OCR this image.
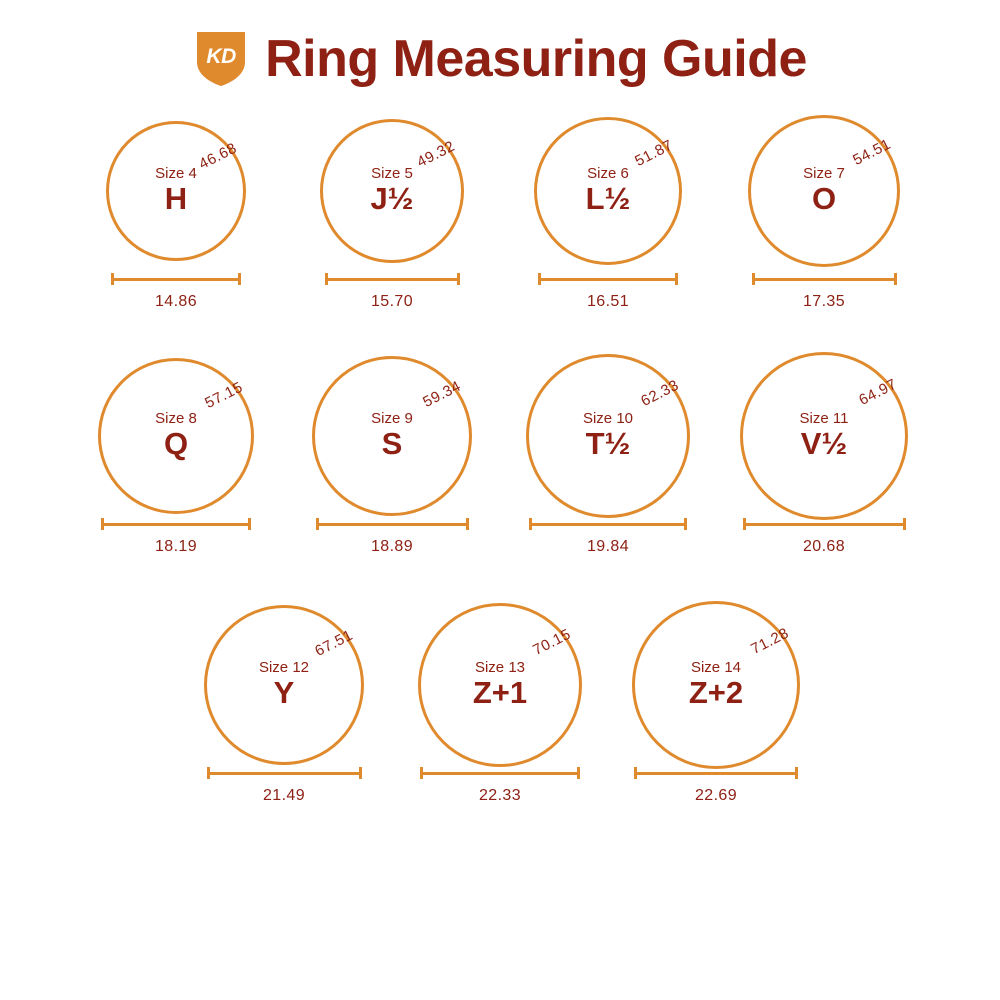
KD Ring Measuring Guide
Size 4
H
46.68
14.86
Size 5
J½
49.32
15.70
Size 6
L½
51.87
16.51
Size 7
O
54.51
17.35
Size 8
Q
57.15
18.19
Size 9
S
59.34
18.89
Size 10
T½
62.33
19.84
Size 11
V½
64.97
20.68
Size 12
Y
67.51
21.49
Size 13
Z+1
70.15
22.33
Size 14
Z+2
71.28
22.69
